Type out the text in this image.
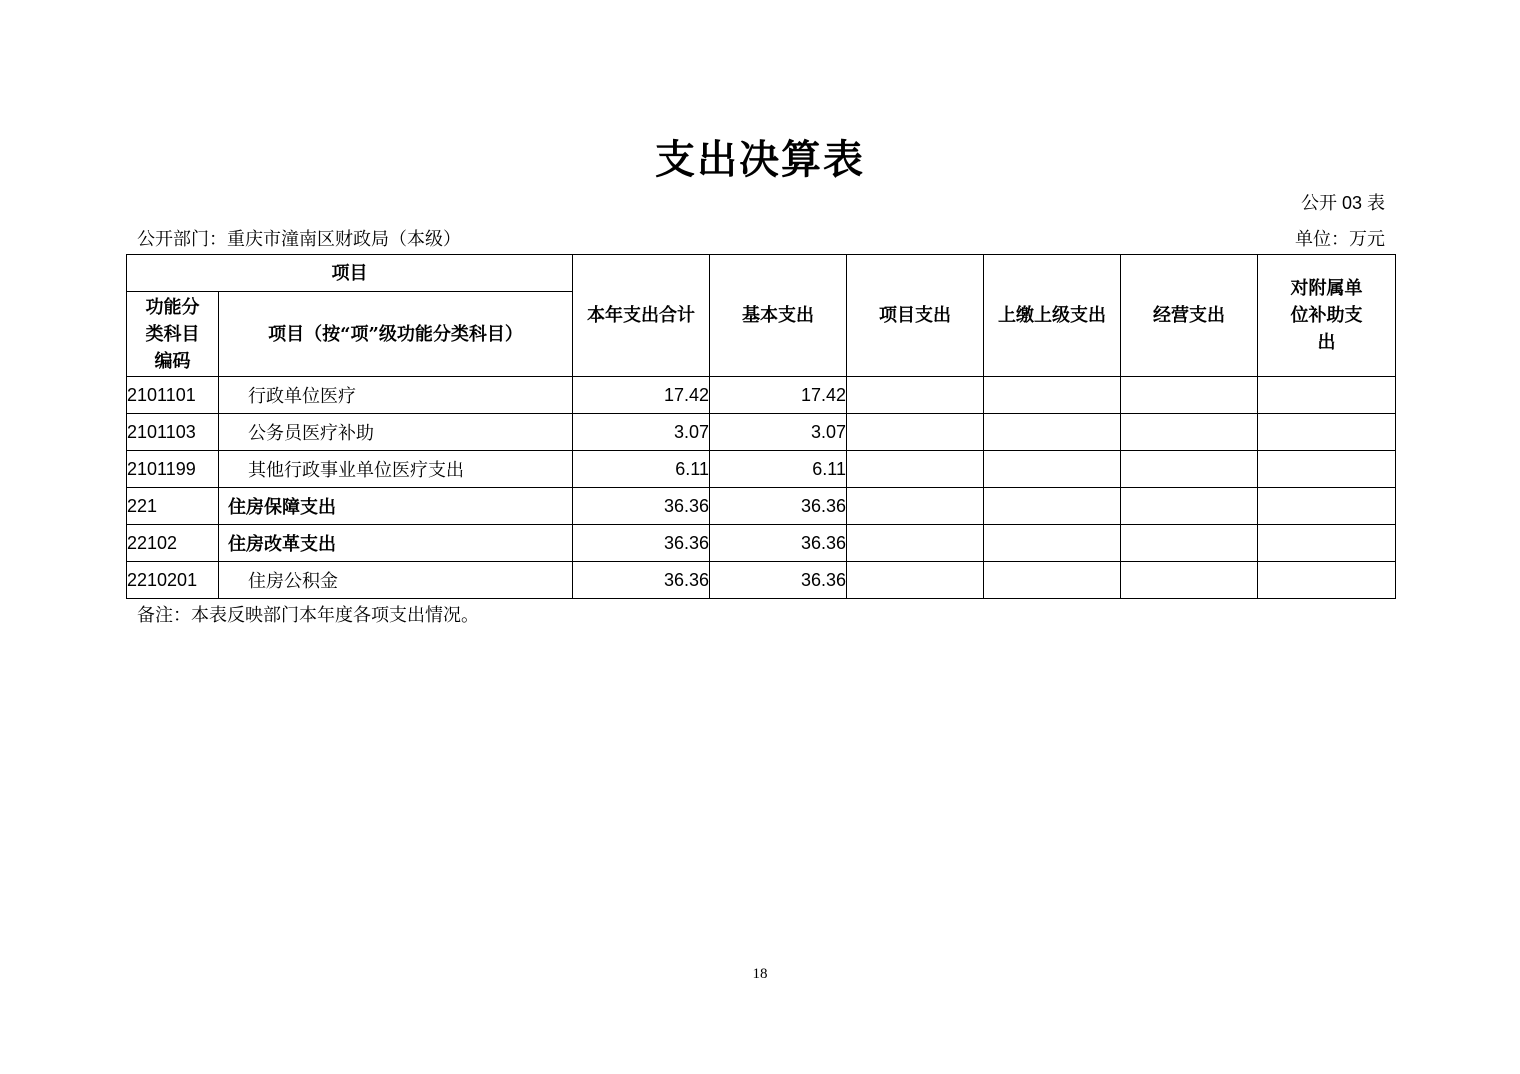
支出决算表
公开 03 表
公开部门：重庆市潼南区财政局（本级）	单位：万元
项目		本年支出合计	基本支出	项目支出	上缴上级支出	经营支出	对附属单位补助支出
功能分类科目编码	项目（按“项”级功能分类科目）						
2101101	行政单位医疗	17.42	17.42				
2101103	公务员医疗补助	3.07	3.07				
2101199	其他行政事业单位医疗支出	6.11	6.11				
221	住房保障支出	36.36	36.36				
22102	住房改革支出	36.36	36.36				
2210201	住房公积金	36.36	36.36				
备注：本表反映部门本年度各项支出情况。
18
